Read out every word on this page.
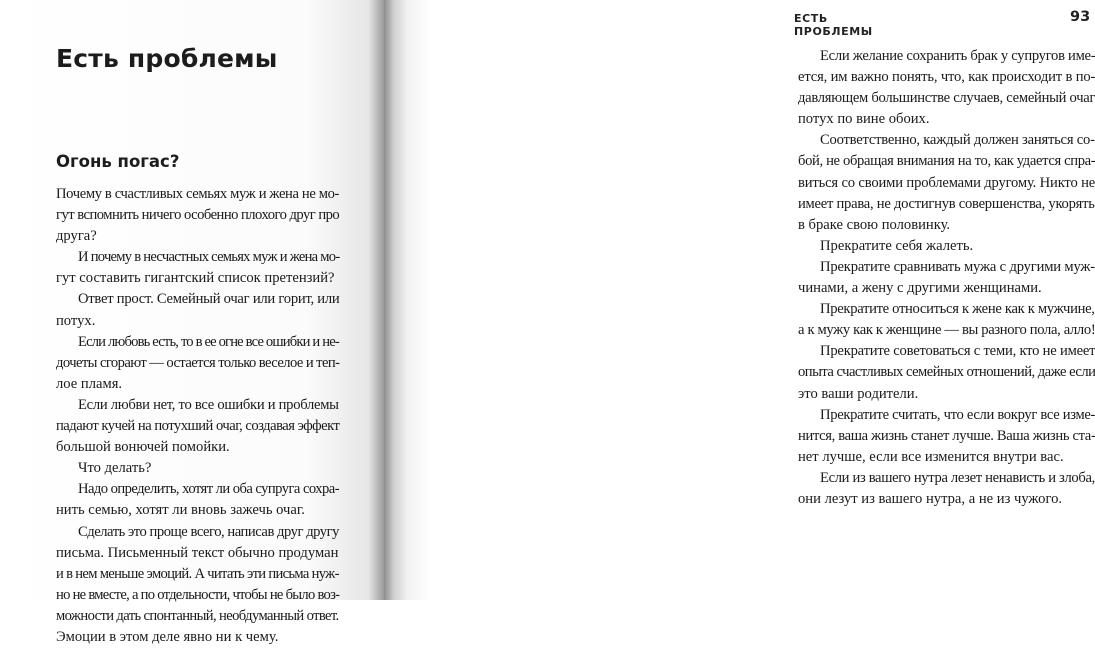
Есть проблемы
Огонь погас?
Почему в счастливых семьях муж и жена не мо-
гут вспомнить ничего особенно плохого друг про
друга?
И почему в несчастных семьях муж и жена мо-
гут составить гигантский список претензий?
Ответ прост. Семейный очаг или горит, или
потух.
Если любовь есть, то в ее огне все ошибки и не-
дочеты сгорают — остается только веселое и теп-
лое пламя.
Если любви нет, то все ошибки и проблемы
падают кучей на потухший очаг, создавая эффект
большой вонючей помойки.
Что делать?
Надо определить, хотят ли оба супруга сохра-
нить семью, хотят ли вновь зажечь очаг.
Сделать это проще всего, написав друг другу
письма. Письменный текст обычно продуман
и в нем меньше эмоций. А читать эти письма нуж-
но не вместе, а по отдельности, чтобы не было воз-
можности дать спонтанный, необдуманный ответ.
Эмоции в этом деле явно ни к чему.
ЕСТЬ ПРОБЛЕМЫ
93
Если желание сохранить брак у супругов име-
ется, им важно понять, что, как происходит в по-
давляющем большинстве случаев, семейный очаг
потух по вине обоих.
Соответственно, каждый должен заняться со-
бой, не обращая внимания на то, как удается спра-
виться со своими проблемами другому. Никто не
имеет права, не достигнув совершенства, укорять
в браке свою половинку.
Прекратите себя жалеть.
Прекратите сравнивать мужа с другими муж-
чинами, а жену с другими женщинами.
Прекратите относиться к жене как к мужчине,
а к мужу как к женщине — вы разного пола, алло!
Прекратите советоваться с теми, кто не имеет
опыта счастливых семейных отношений, даже если
это ваши родители.
Прекратите считать, что если вокруг все изме-
нится, ваша жизнь станет лучше. Ваша жизнь ста-
нет лучше, если все изменится внутри вас.
Если из вашего нутра лезет ненависть и злоба,
они лезут из вашего нутра, а не из чужого.
